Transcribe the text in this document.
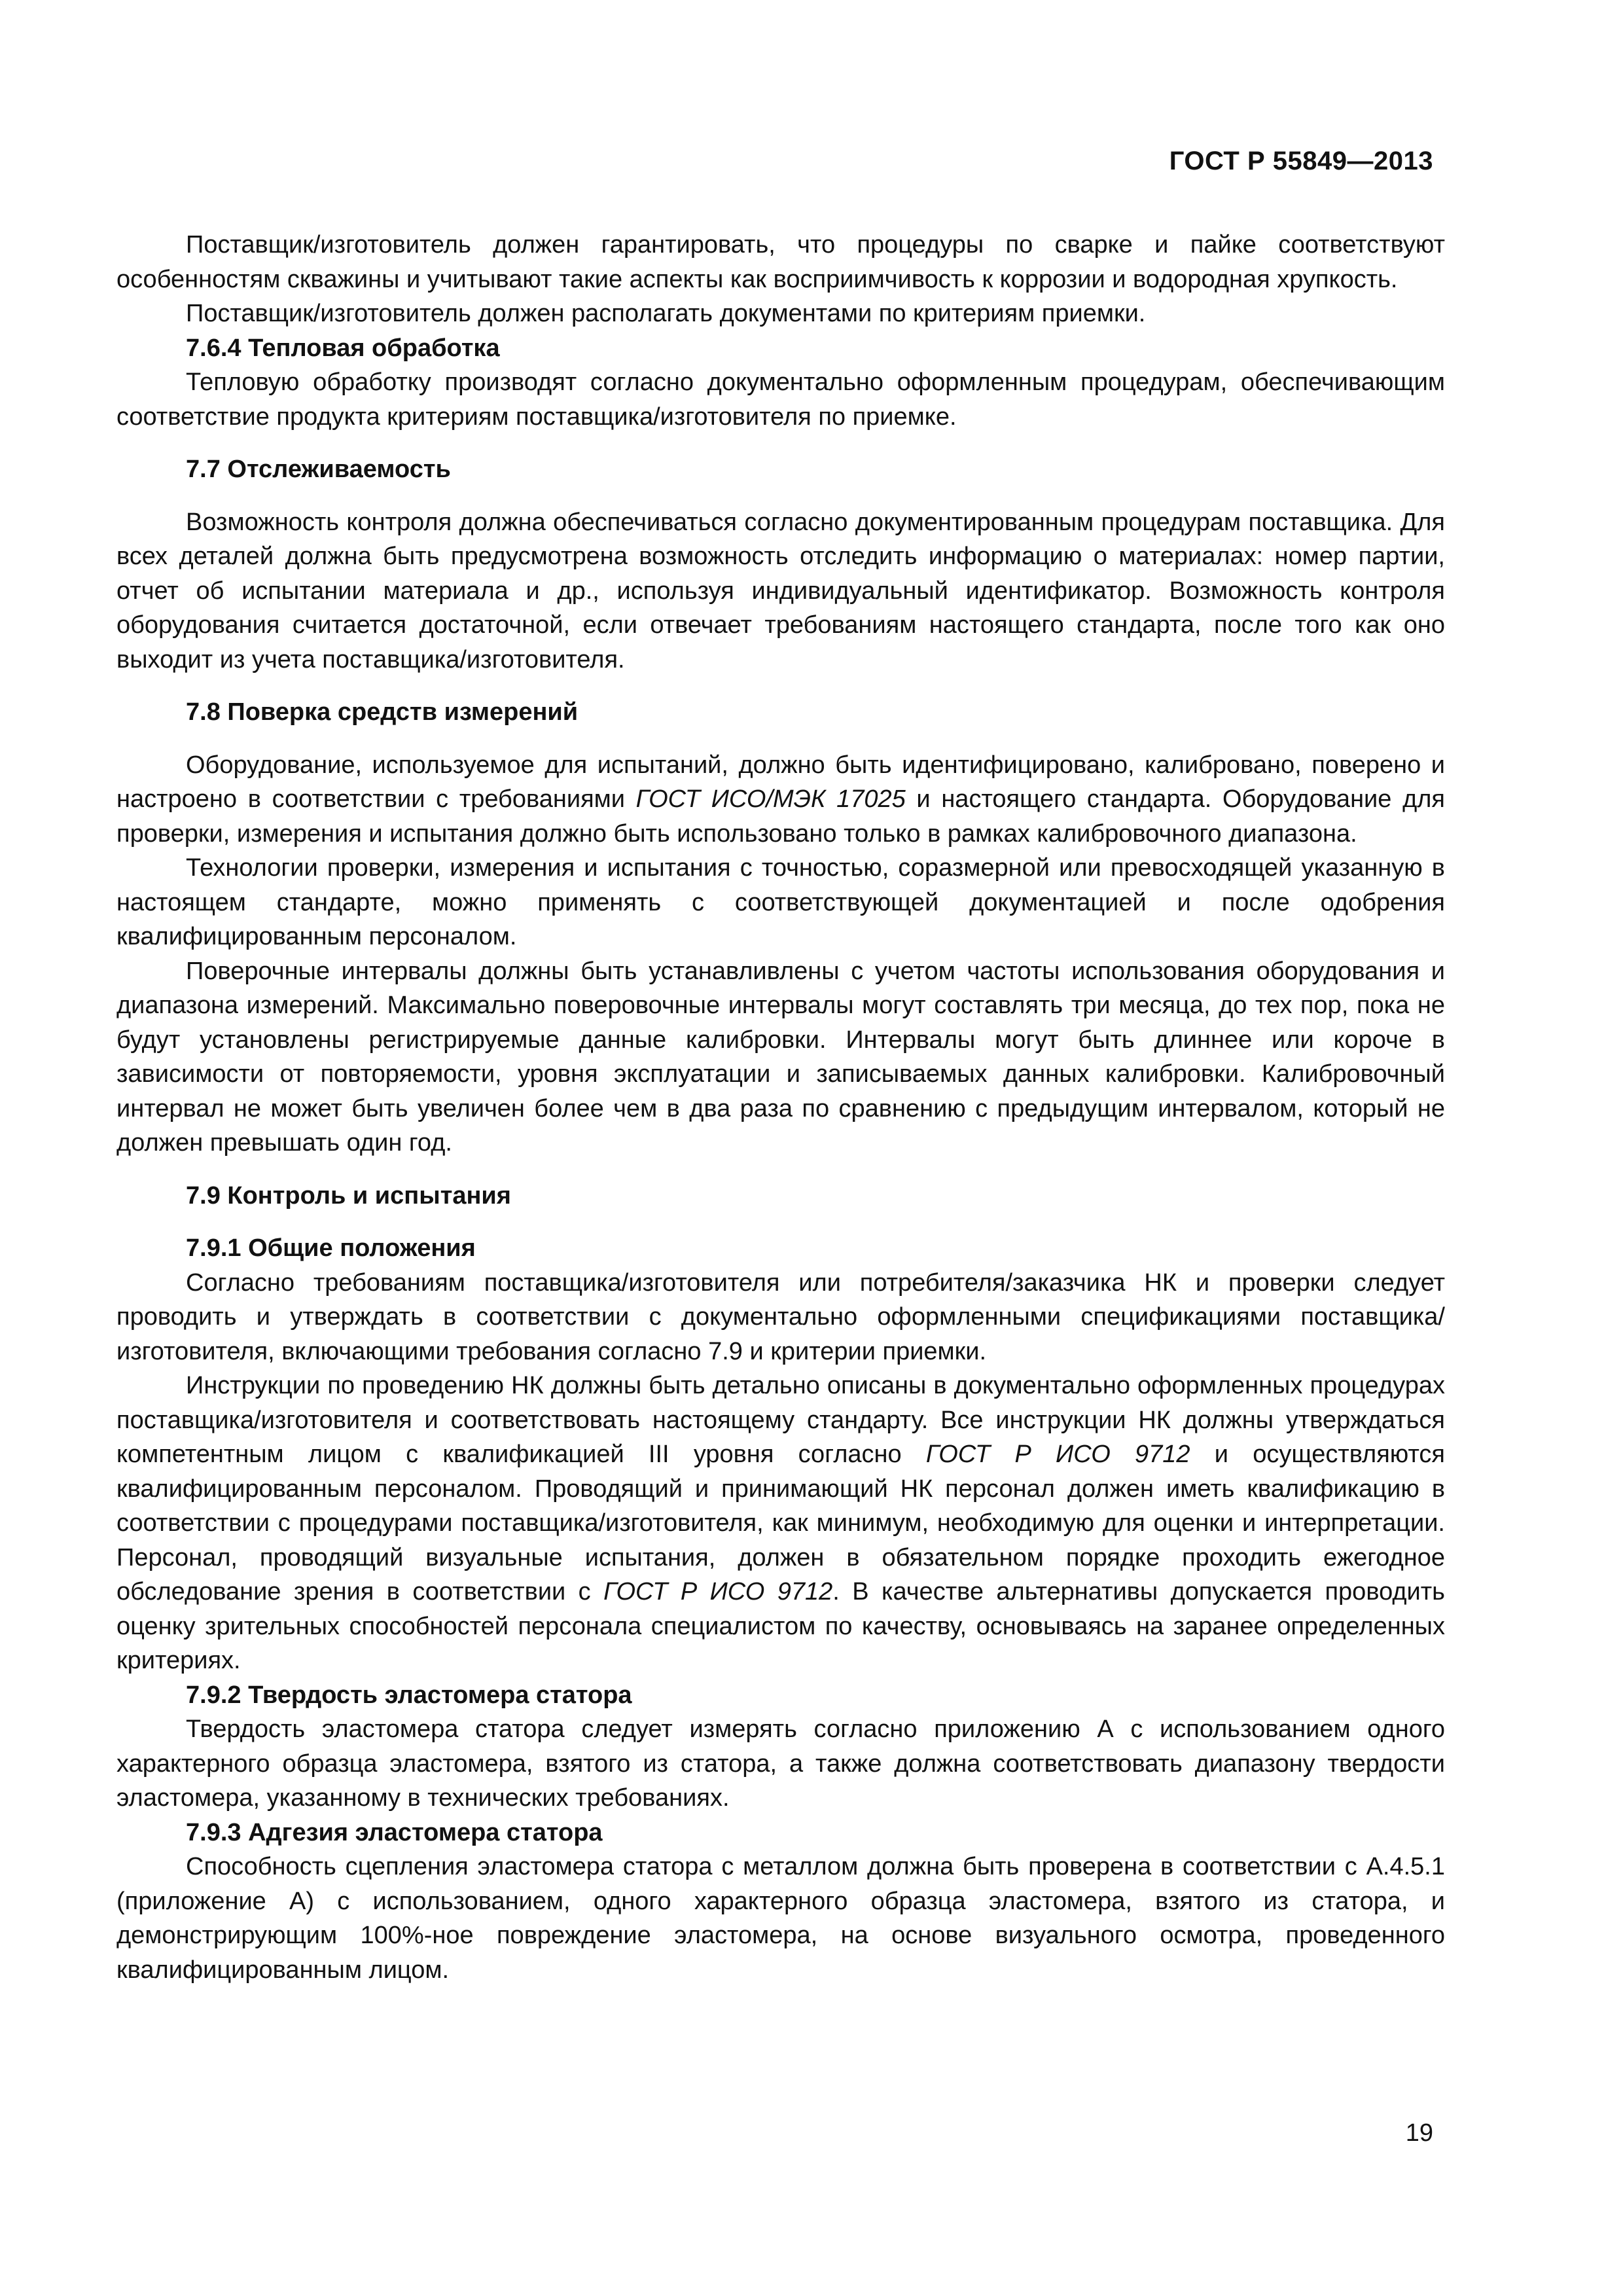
ГОСТ Р 55849—2013

Поставщик/изготовитель должен гарантировать, что процедуры по сварке и пайке соответствуют особенностям скважины и учитывают такие аспекты как восприимчивость к коррозии и водородная хрупкость.

Поставщик/изготовитель должен располагать документами по критериям приемки.

7.6.4 Тепловая обработка

Тепловую обработку производят согласно документально оформленным процедурам, обеспечивающим соответствие продукта критериям поставщика/изготовителя по приемке.

7.7 Отслеживаемость

Возможность контроля должна обеспечиваться согласно документированным процедурам поставщика. Для всех деталей должна быть предусмотрена возможность отследить информацию о материалах: номер партии, отчет об испытании материала и др., используя индивидуальный идентификатор. Возможность контроля оборудования считается достаточной, если отвечает требованиям настоящего стандарта, после того как оно выходит из учета поставщика/изготовителя.

7.8 Поверка средств измерений

Оборудование, используемое для испытаний, должно быть идентифицировано, калибровано, поверено и настроено в соответствии с требованиями ГОСТ ИСО/МЭК 17025 и настоящего стандарта. Оборудование для проверки, измерения и испытания должно быть использовано только в рамках калибровочного диапазона.

Технологии проверки, измерения и испытания с точностью, соразмерной или превосходящей указанную в настоящем стандарте, можно применять с соответствующей документацией и после одобрения квалифицированным персоналом.

Поверочные интервалы должны быть устанавливлены с учетом частоты использования оборудования и диапазона измерений. Максимально поверовочные интервалы могут составлять три месяца, до тех пор, пока не будут установлены регистрируемые данные калибровки. Интервалы могут быть длиннее или короче в зависимости от повторяемости, уровня эксплуатации и записываемых данных калибровки. Калибровочный интервал не может быть увеличен более чем в два раза по сравнению с предыдущим интервалом, который не должен превышать один год.

7.9 Контроль и испытания
7.9.1 Общие положения

Согласно требованиям поставщика/изготовителя или потребителя/заказчика НК и проверки следует проводить и утверждать в соответствии с документально оформленными спецификациями поставщика/изготовителя, включающими требования согласно 7.9 и критерии приемки.

Инструкции по проведению НК должны быть детально описаны в документально оформленных процедурах поставщика/изготовителя и соответствовать настоящему стандарту. Все инструкции НК должны утверждаться компетентным лицом с квалификацией III уровня согласно ГОСТ Р ИСО 9712 и осуществляются квалифицированным персоналом. Проводящий и принимающий НК персонал должен иметь квалификацию в соответствии с процедурами поставщика/изготовителя, как минимум, необходимую для оценки и интерпретации. Персонал, проводящий визуальные испытания, должен в обязательном порядке проходить ежегодное обследование зрения в соответствии с ГОСТ Р ИСО 9712. В качестве альтернативы допускается проводить оценку зрительных способностей персонала специалистом по качеству, основываясь на заранее определенных критериях.

7.9.2 Твердость эластомера статора

Твердость эластомера статора следует измерять согласно приложению А с использованием одного характерного образца эластомера, взятого из статора, а также должна соответствовать диапазону твердости эластомера, указанному в технических требованиях.

7.9.3 Адгезия эластомера статора

Способность сцепления эластомера статора с металлом должна быть проверена в соответствии с А.4.5.1 (приложение А) с использованием, одного характерного образца эластомера, взятого из статора, и демонстрирующим 100%-ное повреждение эластомера, на основе визуального осмотра, проведенного квалифицированным лицом.

19
